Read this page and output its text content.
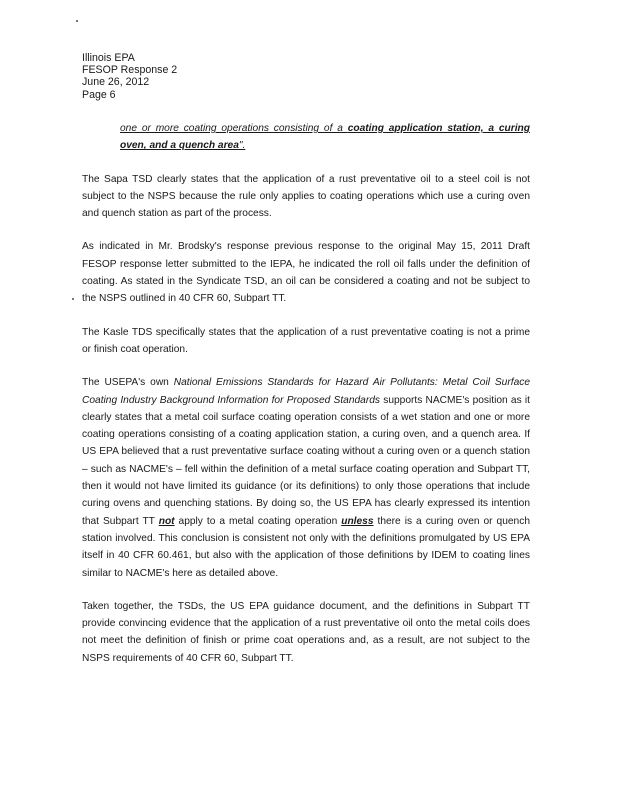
Illinois EPA
FESOP Response 2
June 26, 2012
Page 6

one or more coating operations consisting of a coating application station, a curing oven, and a quench area".

The Sapa TSD clearly states that the application of a rust preventative oil to a steel coil is not subject to the NSPS because the rule only applies to coating operations which use a curing oven and quench station as part of the process.

As indicated in Mr. Brodsky's response previous response to the original May 15, 2011 Draft FESOP response letter submitted to the IEPA, he indicated the roll oil falls under the definition of coating. As stated in the Syndicate TSD, an oil can be considered a coating and not be subject to the NSPS outlined in 40 CFR 60, Subpart TT.

The Kasle TDS specifically states that the application of a rust preventative coating is not a prime or finish coat operation.

The USEPA's own National Emissions Standards for Hazard Air Pollutants: Metal Coil Surface Coating Industry Background Information for Proposed Standards supports NACME's position as it clearly states that a metal coil surface coating operation consists of a wet station and one or more coating operations consisting of a coating application station, a curing oven, and a quench area. If US EPA believed that a rust preventative surface coating without a curing oven or a quench station – such as NACME's – fell within the definition of a metal surface coating operation and Subpart TT, then it would not have limited its guidance (or its definitions) to only those operations that include curing ovens and quenching stations. By doing so, the US EPA has clearly expressed its intention that Subpart TT not apply to a metal coating operation unless there is a curing oven or quench station involved. This conclusion is consistent not only with the definitions promulgated by US EPA itself in 40 CFR 60.461, but also with the application of those definitions by IDEM to coating lines similar to NACME's here as detailed above.

Taken together, the TSDs, the US EPA guidance document, and the definitions in Subpart TT provide convincing evidence that the application of a rust preventative oil onto the metal coils does not meet the definition of finish or prime coat operations and, as a result, are not subject to the NSPS requirements of 40 CFR 60, Subpart TT.
